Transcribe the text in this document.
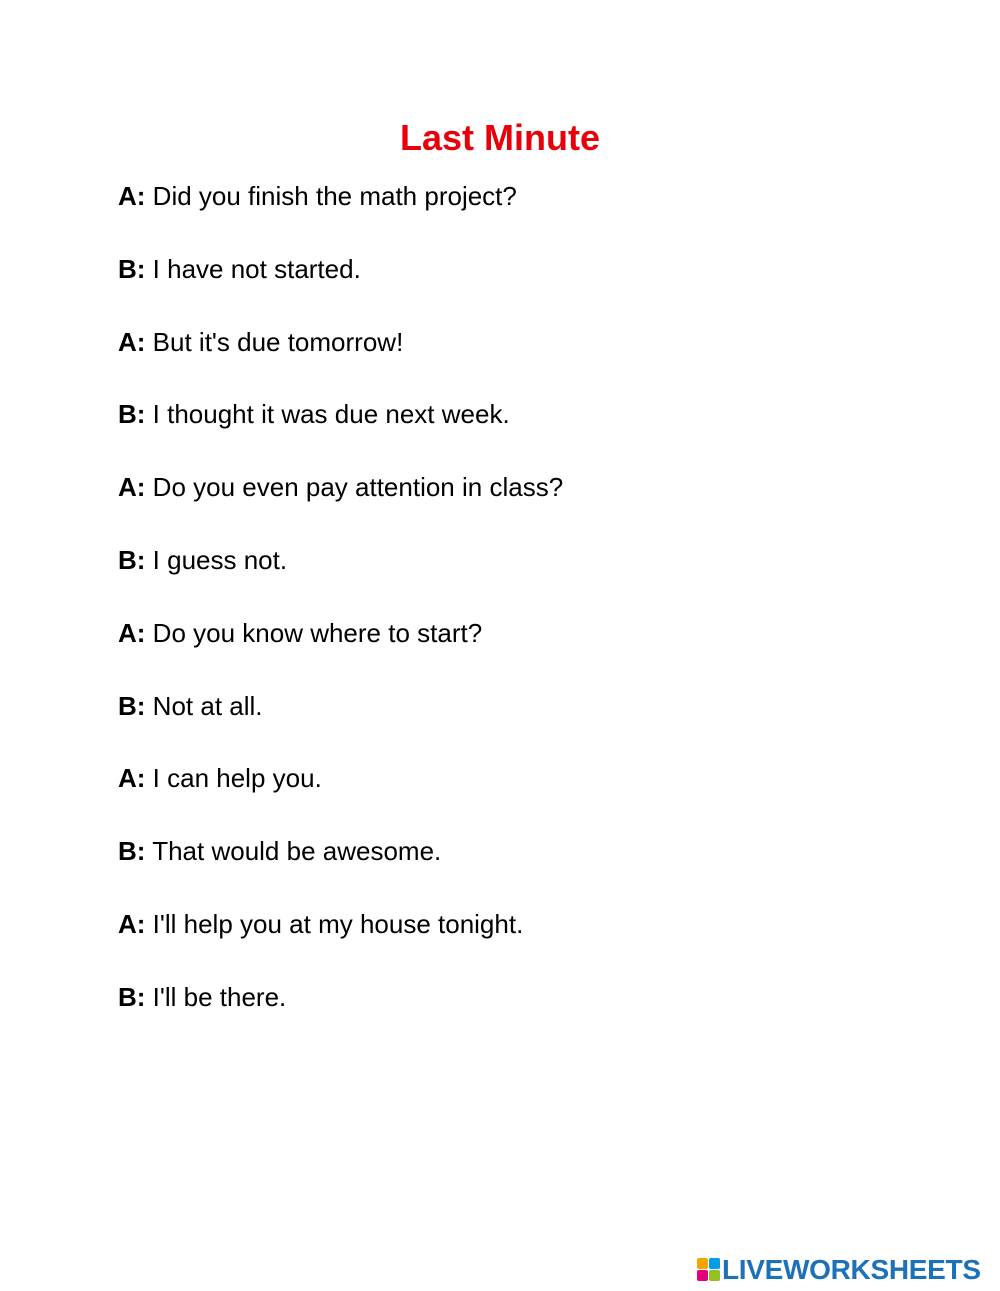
Last Minute
A: Did you finish the math project?
B: I have not started.
A: But it's due tomorrow!
B: I thought it was due next week.
A: Do you even pay attention in class?
B: I guess not.
A: Do you know where to start?
B: Not at all.
A: I can help you.
B: That would be awesome.
A: I'll help you at my house tonight.
B: I'll be there.
LIVEWORKSHEETS
